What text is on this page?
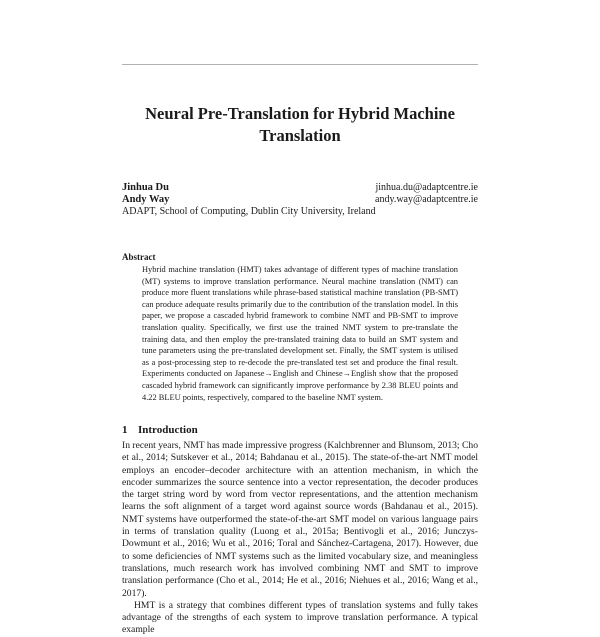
Neural Pre-Translation for Hybrid Machine
Translation
Jinhua Du	jinhua.du@adaptcentre.ie
Andy Way	andy.way@adaptcentre.ie
ADAPT, School of Computing, Dublin City University, Ireland
Abstract
Hybrid machine translation (HMT) takes advantage of different types of machine translation (MT) systems to improve translation performance. Neural machine translation (NMT) can produce more fluent translations while phrase-based statistical machine translation (PB-SMT) can produce adequate results primarily due to the contribution of the translation model. In this paper, we propose a cascaded hybrid framework to combine NMT and PB-SMT to improve translation quality. Specifically, we first use the trained NMT system to pre-translate the training data, and then employ the pre-translated training data to build an SMT system and tune parameters using the pre-translated development set. Finally, the SMT system is utilised as a post-processing step to re-decode the pre-translated test set and produce the final result. Experiments conducted on Japanese→English and Chinese→English show that the proposed cascaded hybrid framework can significantly improve performance by 2.38 BLEU points and 4.22 BLEU points, respectively, compared to the baseline NMT system.
1 Introduction

In recent years, NMT has made impressive progress (Kalchbrenner and Blunsom, 2013; Cho et al., 2014; Sutskever et al., 2014; Bahdanau et al., 2015). The state-of-the-art NMT model employs an encoder–decoder architecture with an attention mechanism, in which the encoder summarizes the source sentence into a vector representation, the decoder produces the target string word by word from vector representations, and the attention mechanism learns the soft alignment of a target word against source words (Bahdanau et al., 2015). NMT systems have outperformed the state-of-the-art SMT model on various language pairs in terms of translation quality (Luong et al., 2015a; Bentivogli et al., 2016; Junczys-Dowmunt et al., 2016; Wu et al., 2016; Toral and Sánchez-Cartagena, 2017). However, due to some deficiencies of NMT systems such as the limited vocabulary size, and meaningless translations, much research work has involved combining NMT and SMT to improve translation performance (Cho et al., 2014; He et al., 2016; Niehues et al., 2016; Wang et al., 2017).

HMT is a strategy that combines different types of translation systems and fully takes advantage of the strengths of each system to improve translation performance. A typical example
